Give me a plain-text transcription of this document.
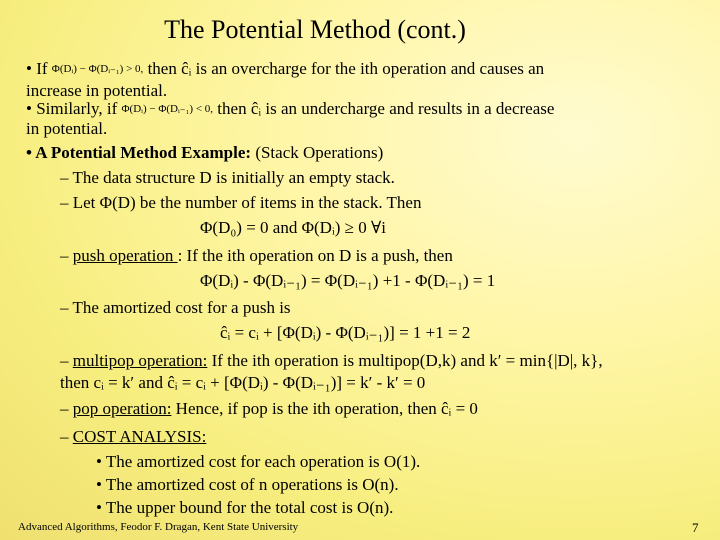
The Potential Method (cont.)
• If Φ(Dᵢ) − Φ(Dᵢ₋₁) > 0, then ĉᵢ is an overcharge for the ith operation and causes an
increase in potential.
• Similarly, if Φ(Dᵢ) − Φ(Dᵢ₋₁) < 0, then ĉᵢ is an undercharge and results in a decrease
in potential.
• A Potential Method Example: (Stack Operations)
– The data structure D is initially an empty stack.
– Let Φ(D) be the number of items in the stack. Then
Φ(D₀) = 0 and Φ(Dᵢ) ≥ 0 ∀i
– push operation : If the ith operation on D is a push, then
Φ(Dᵢ) - Φ(Dᵢ₋₁) = Φ(Dᵢ₋₁) +1 - Φ(Dᵢ₋₁) = 1
– The amortized cost for a push is
ĉᵢ = cᵢ + [Φ(Dᵢ) - Φ(Dᵢ₋₁)] = 1 +1 = 2
– multipop operation: If the ith operation is multipop(D,k) and k′ = min{|D|, k},
then cᵢ = k′ and ĉᵢ = cᵢ + [Φ(Dᵢ) - Φ(Dᵢ₋₁)] = k′ - k′ = 0
– pop operation: Hence, if pop is the ith operation, then ĉᵢ = 0
– COST ANALYSIS:
• The amortized cost for each operation is O(1).
• The amortized cost of n operations is O(n).
• The upper bound for the total cost is O(n).
Advanced Algorithms, Feodor F. Dragan, Kent State University	7
